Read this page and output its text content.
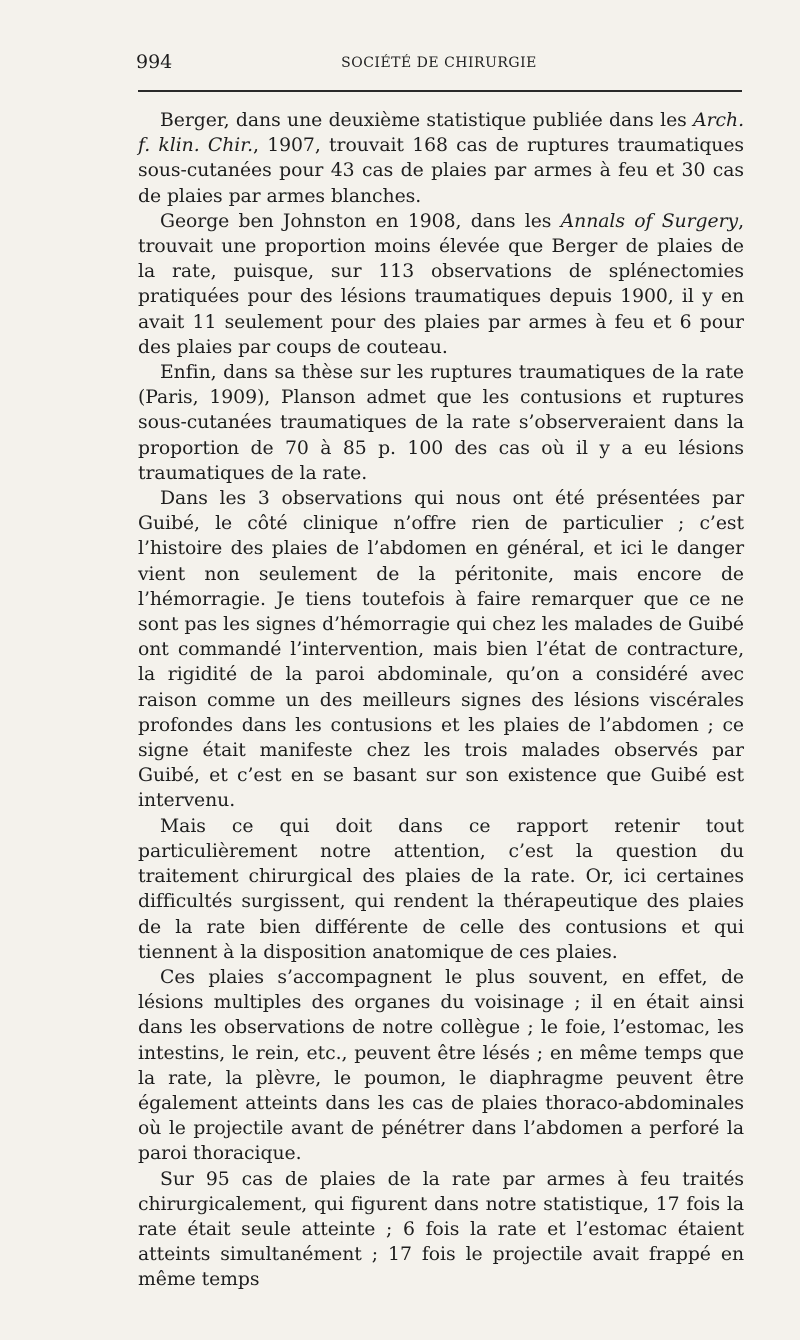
994	SOCIÉTÉ DE CHIRURGIE

Berger, dans une deuxième statistique publiée dans les Arch. f. klin. Chir., 1907, trouvait 168 cas de ruptures traumatiques sous-cutanées pour 43 cas de plaies par armes à feu et 30 cas de plaies par armes blanches.

George ben Johnston en 1908, dans les Annals of Surgery, trouvait une proportion moins élevée que Berger de plaies de la rate, puisque, sur 113 observations de splénectomies pratiquées pour des lésions traumatiques depuis 1900, il y en avait 11 seulement pour des plaies par armes à feu et 6 pour des plaies par coups de couteau.

Enfin, dans sa thèse sur les ruptures traumatiques de la rate (Paris, 1909), Planson admet que les contusions et ruptures sous-cutanées traumatiques de la rate s’observeraient dans la proportion de 70 à 85 p. 100 des cas où il y a eu lésions traumatiques de la rate.

Dans les 3 observations qui nous ont été présentées par Guibé, le côté clinique n’offre rien de particulier ; c’est l’histoire des plaies de l’abdomen en général, et ici le danger vient non seulement de la péritonite, mais encore de l’hémorragie. Je tiens toutefois à faire remarquer que ce ne sont pas les signes d’hémorragie qui chez les malades de Guibé ont commandé l’intervention, mais bien l’état de contracture, la rigidité de la paroi abdominale, qu’on a considéré avec raison comme un des meilleurs signes des lésions viscérales profondes dans les contusions et les plaies de l’abdomen ; ce signe était manifeste chez les trois malades observés par Guibé, et c’est en se basant sur son existence que Guibé est intervenu.

Mais ce qui doit dans ce rapport retenir tout particulièrement notre attention, c’est la question du traitement chirurgical des plaies de la rate. Or, ici certaines difficultés surgissent, qui rendent la thérapeutique des plaies de la rate bien différente de celle des contusions et qui tiennent à la disposition anatomique de ces plaies.

Ces plaies s’accompagnent le plus souvent, en effet, de lésions multiples des organes du voisinage ; il en était ainsi dans les observations de notre collègue ; le foie, l’estomac, les intestins, le rein, etc., peuvent être lésés ; en même temps que la rate, la plèvre, le poumon, le diaphragme peuvent être également atteints dans les cas de plaies thoraco-abdominales où le projectile avant de pénétrer dans l’abdomen a perforé la paroi thoracique.

Sur 95 cas de plaies de la rate par armes à feu traités chirurgicalement, qui figurent dans notre statistique, 17 fois la rate était seule atteinte ; 6 fois la rate et l’estomac étaient atteints simultanément ; 17 fois le projectile avait frappé en même temps
